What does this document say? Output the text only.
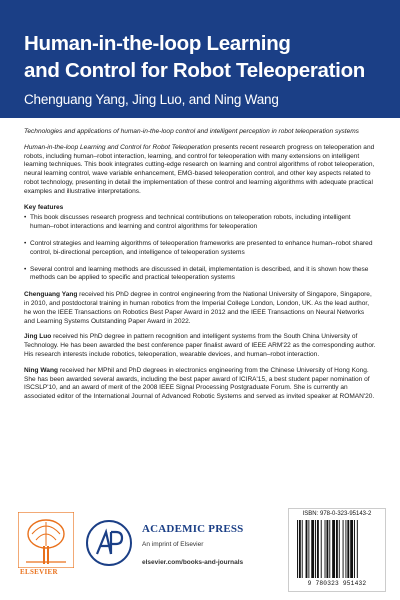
Human-in-the-loop Learning
and Control for Robot Teleoperation
Chenguang Yang, Jing Luo, and Ning Wang

Technologies and applications of human-in-the-loop control and intelligent perception in robot teleoperation systems

Human-in-the-loop Learning and Control for Robot Teleoperation presents recent research progress on teleoperation and robots, including human–robot interaction, learning, and control for teleoperation with many extensions on intelligent learning techniques. This book integrates cutting-edge research on learning and control algorithms of robot teleoperation, neural learning control, wave variable enhancement, EMG-based teleoperation control, and other key aspects related to robot technology, presenting in detail the implementation of these control and learning algorithms with adequate practical examples and illustrative interpretations.

Key features

• This book discusses research progress and technical contributions on teleoperation robots, including intelligent human–robot interactions and learning and control algorithms for teleoperation
• Control strategies and learning algorithms of teleoperation frameworks are presented to enhance human–robot shared control, bi-directional perception, and intelligence of teleoperation systems
• Several control and learning methods are discussed in detail, implementation is described, and it is shown how these methods can be applied to specific and practical teleoperation systems

Chenguang Yang received his PhD degree in control engineering from the National University of Singapore, Singapore, in 2010, and postdoctoral training in human robotics from the Imperial College London, London, UK. As the lead author, he won the IEEE Transactions on Robotics Best Paper Award in 2012 and the IEEE Transactions on Neural Networks and Learning Systems Outstanding Paper Award in 2022.

Jing Luo received his PhD degree in pattern recognition and intelligent systems from the South China University of Technology. He has been awarded the best conference paper finalist award of IEEE ARM'22 as the corresponding author. His research interests include robotics, teleoperation, wearable devices, and human–robot interaction.

Ning Wang received her MPhil and PhD degrees in electronics engineering from the Chinese University of Hong Kong. She has been awarded several awards, including the best paper award of ICIRA'15, a best student paper nomination of ISCSLP'10, and an award of merit of the 2008 IEEE Signal Processing Postgraduate Forum. She is currently an associated editor of the International Journal of Advanced Robotic Systems and served as invited speaker at ROMAN'20.

ELSEVIER
ACADEMIC PRESS
An imprint of Elsevier
elsevier.com/books-and-journals
ISBN: 978-0-323-95143-2
9 780323 951432
